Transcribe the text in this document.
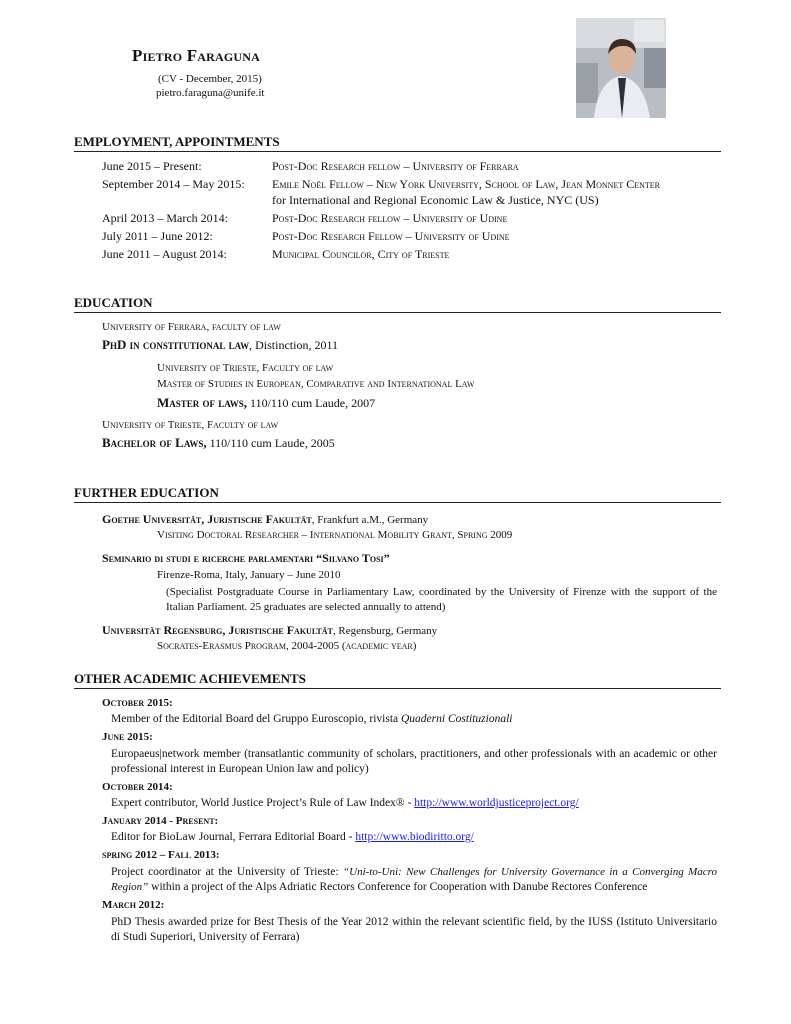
Pietro Faraguna
(CV - December, 2015)
pietro.faraguna@unife.it
EMPLOYMENT, APPOINTMENTS
June 2015 – Present:	Post-Doc Research fellow – University of Ferrara
September 2014 – May 2015: Emile Noël Fellow – New York University, School of Law, Jean Monnet Center
for International and Regional Economic Law & Justice, NYC (US)
April 2013 – March 2014:	Post-Doc Research fellow – University of Udine
July 2011 – June 2012:	Post-Doc Research Fellow – University of Udine
June 2011 – August 2014:	Municipal Councilor, City of Trieste
EDUCATION
University of Ferrara, faculty of law
PhD in constitutional law, Distinction, 2011
University of Trieste, Faculty of law
Master of Studies in European, Comparative and International Law
Master of laws, 110/110 cum Laude, 2007
University of Trieste, Faculty of law
Bachelor of Laws, 110/110 cum Laude, 2005
FURTHER EDUCATION
Goethe Universität, Juristische Fakultät, Frankfurt a.M., Germany
Visiting Doctoral Researcher – International Mobility Grant, Spring 2009
Seminario di studi e ricerche parlamentari “Silvano Tosi”
Firenze-Roma, Italy, January – June 2010
(Specialist Postgraduate Course in Parliamentary Law, coordinated by the University of Firenze with the support of the Italian Parliament. 25 graduates are selected annually to attend)
Universität Regensburg, Juristische Fakultät, Regensburg, Germany
Socrates-Erasmus Program, 2004-2005 (academic year)
OTHER ACADEMIC ACHIEVEMENTS
October 2015:
Member of the Editorial Board del Gruppo Euroscopio, rivista Quaderni Costituzionali
June 2015:
Europaeus|network member (transatlantic community of scholars, practitioners, and other professionals with an academic or other professional interest in European Union law and policy)
October 2014:
Expert contributor, World Justice Project’s Rule of Law Index® - http://www.worldjusticeproject.org/
January 2014 - Present:
Editor for BioLaw Journal, Ferrara Editorial Board - http://www.biodiritto.org/
spring 2012 – Fall 2013:
Project coordinator at the University of Trieste: “Uni-to-Uni: New Challenges for University Governance in a Converging Macro Region” within a project of the Alps Adriatic Rectors Conference for Cooperation with Danube Rectores Conference
March 2012:
PhD Thesis awarded prize for Best Thesis of the Year 2012 within the relevant scientific field, by the IUSS (Istituto Universitario di Studi Superiori, University of Ferrara)
